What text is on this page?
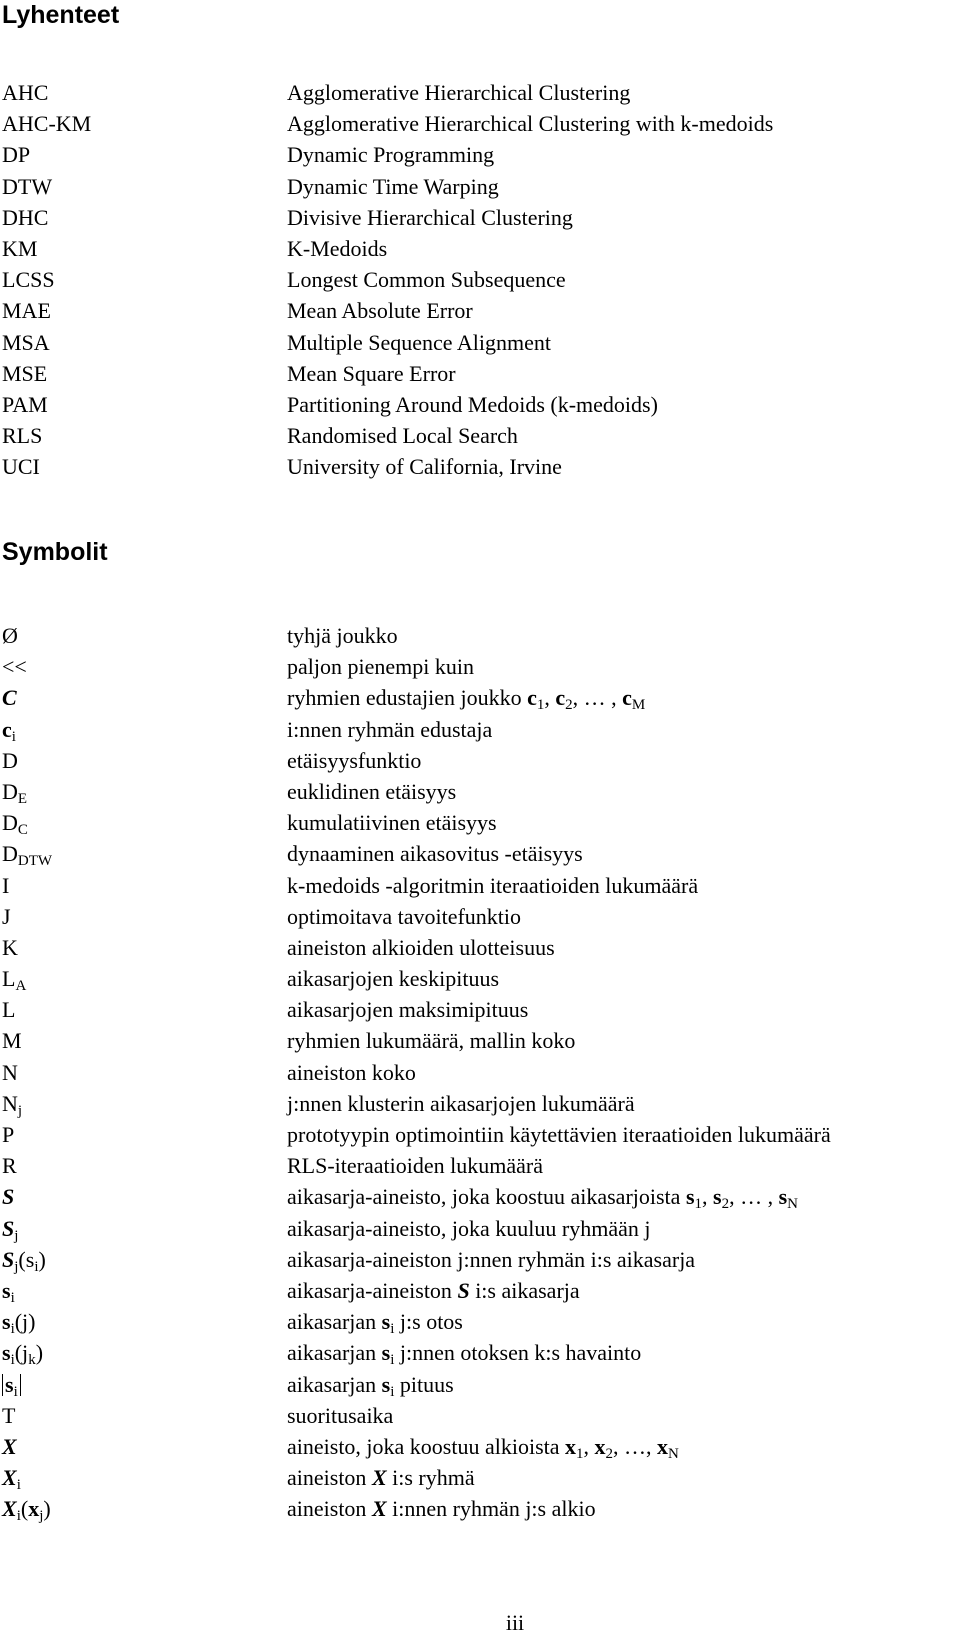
Lyhenteet
AHC	Agglomerative Hierarchical Clustering
AHC-KM	Agglomerative Hierarchical Clustering with k-medoids
DP	Dynamic Programming
DTW	Dynamic Time Warping
DHC	Divisive Hierarchical Clustering
KM	K-Medoids
LCSS	Longest Common Subsequence
MAE	Mean Absolute Error
MSA	Multiple Sequence Alignment
MSE	Mean Square Error
PAM	Partitioning Around Medoids (k-medoids)
RLS	Randomised Local Search
UCI	University of California, Irvine
Symbolit
Ø	tyhjä joukko
<<	paljon pienempi kuin
C	ryhmien edustajien joukko $c_1$, $c_2$, … , $c_M$
$c_i$	i:nnen ryhmän edustaja
D	etäisyysfunktio
$D_E$	euklidinen etäisyys
$D_C$	kumulatiivinen etäisyys
$D_{DTW}$	dynaaminen aikasovitus -etäisyys
I	k-medoids -algoritmin iteraatioiden lukumäärä
J	optimoitava tavoitefunktio
K	aineiston alkioiden ulotteisuus
$L_A$	aikasarjojen keskipituus
L	aikasarjojen maksimipituus
M	ryhmien lukumäärä, mallin koko
N	aineiston koko
$N_j$	j:nnen klusterin aikasarjojen lukumäärä
P	prototyypin optimointiin käytettävien iteraatioiden lukumäärä
R	RLS-iteraatioiden lukumäärä
S	aikasarja-aineisto, joka koostuu aikasarjoista $s_1$, $s_2$, … , $s_N$
$S_j$	aikasarja-aineisto, joka kuuluu ryhmään j
$S_j(s_i)$	aikasarja-aineiston j:nnen ryhmän i:s aikasarja
$s_i$	aikasarja-aineiston S i:s aikasarja
$s_i(j)$	aikasarjan $s_i$ j:s otos
$s_i(j_k)$	aikasarjan $s_i$ j:nnen otoksen k:s havainto
$s_i$	aikasarjan $s_i$ pituus
T	suoritusaika
X	aineisto, joka koostuu alkioista $x_1$, $x_2$, …, $x_N$
$X_i$	aineiston X i:s ryhmä
$X_i(x_j)$	aineiston X i:nnen ryhmän j:s alkio
iii
